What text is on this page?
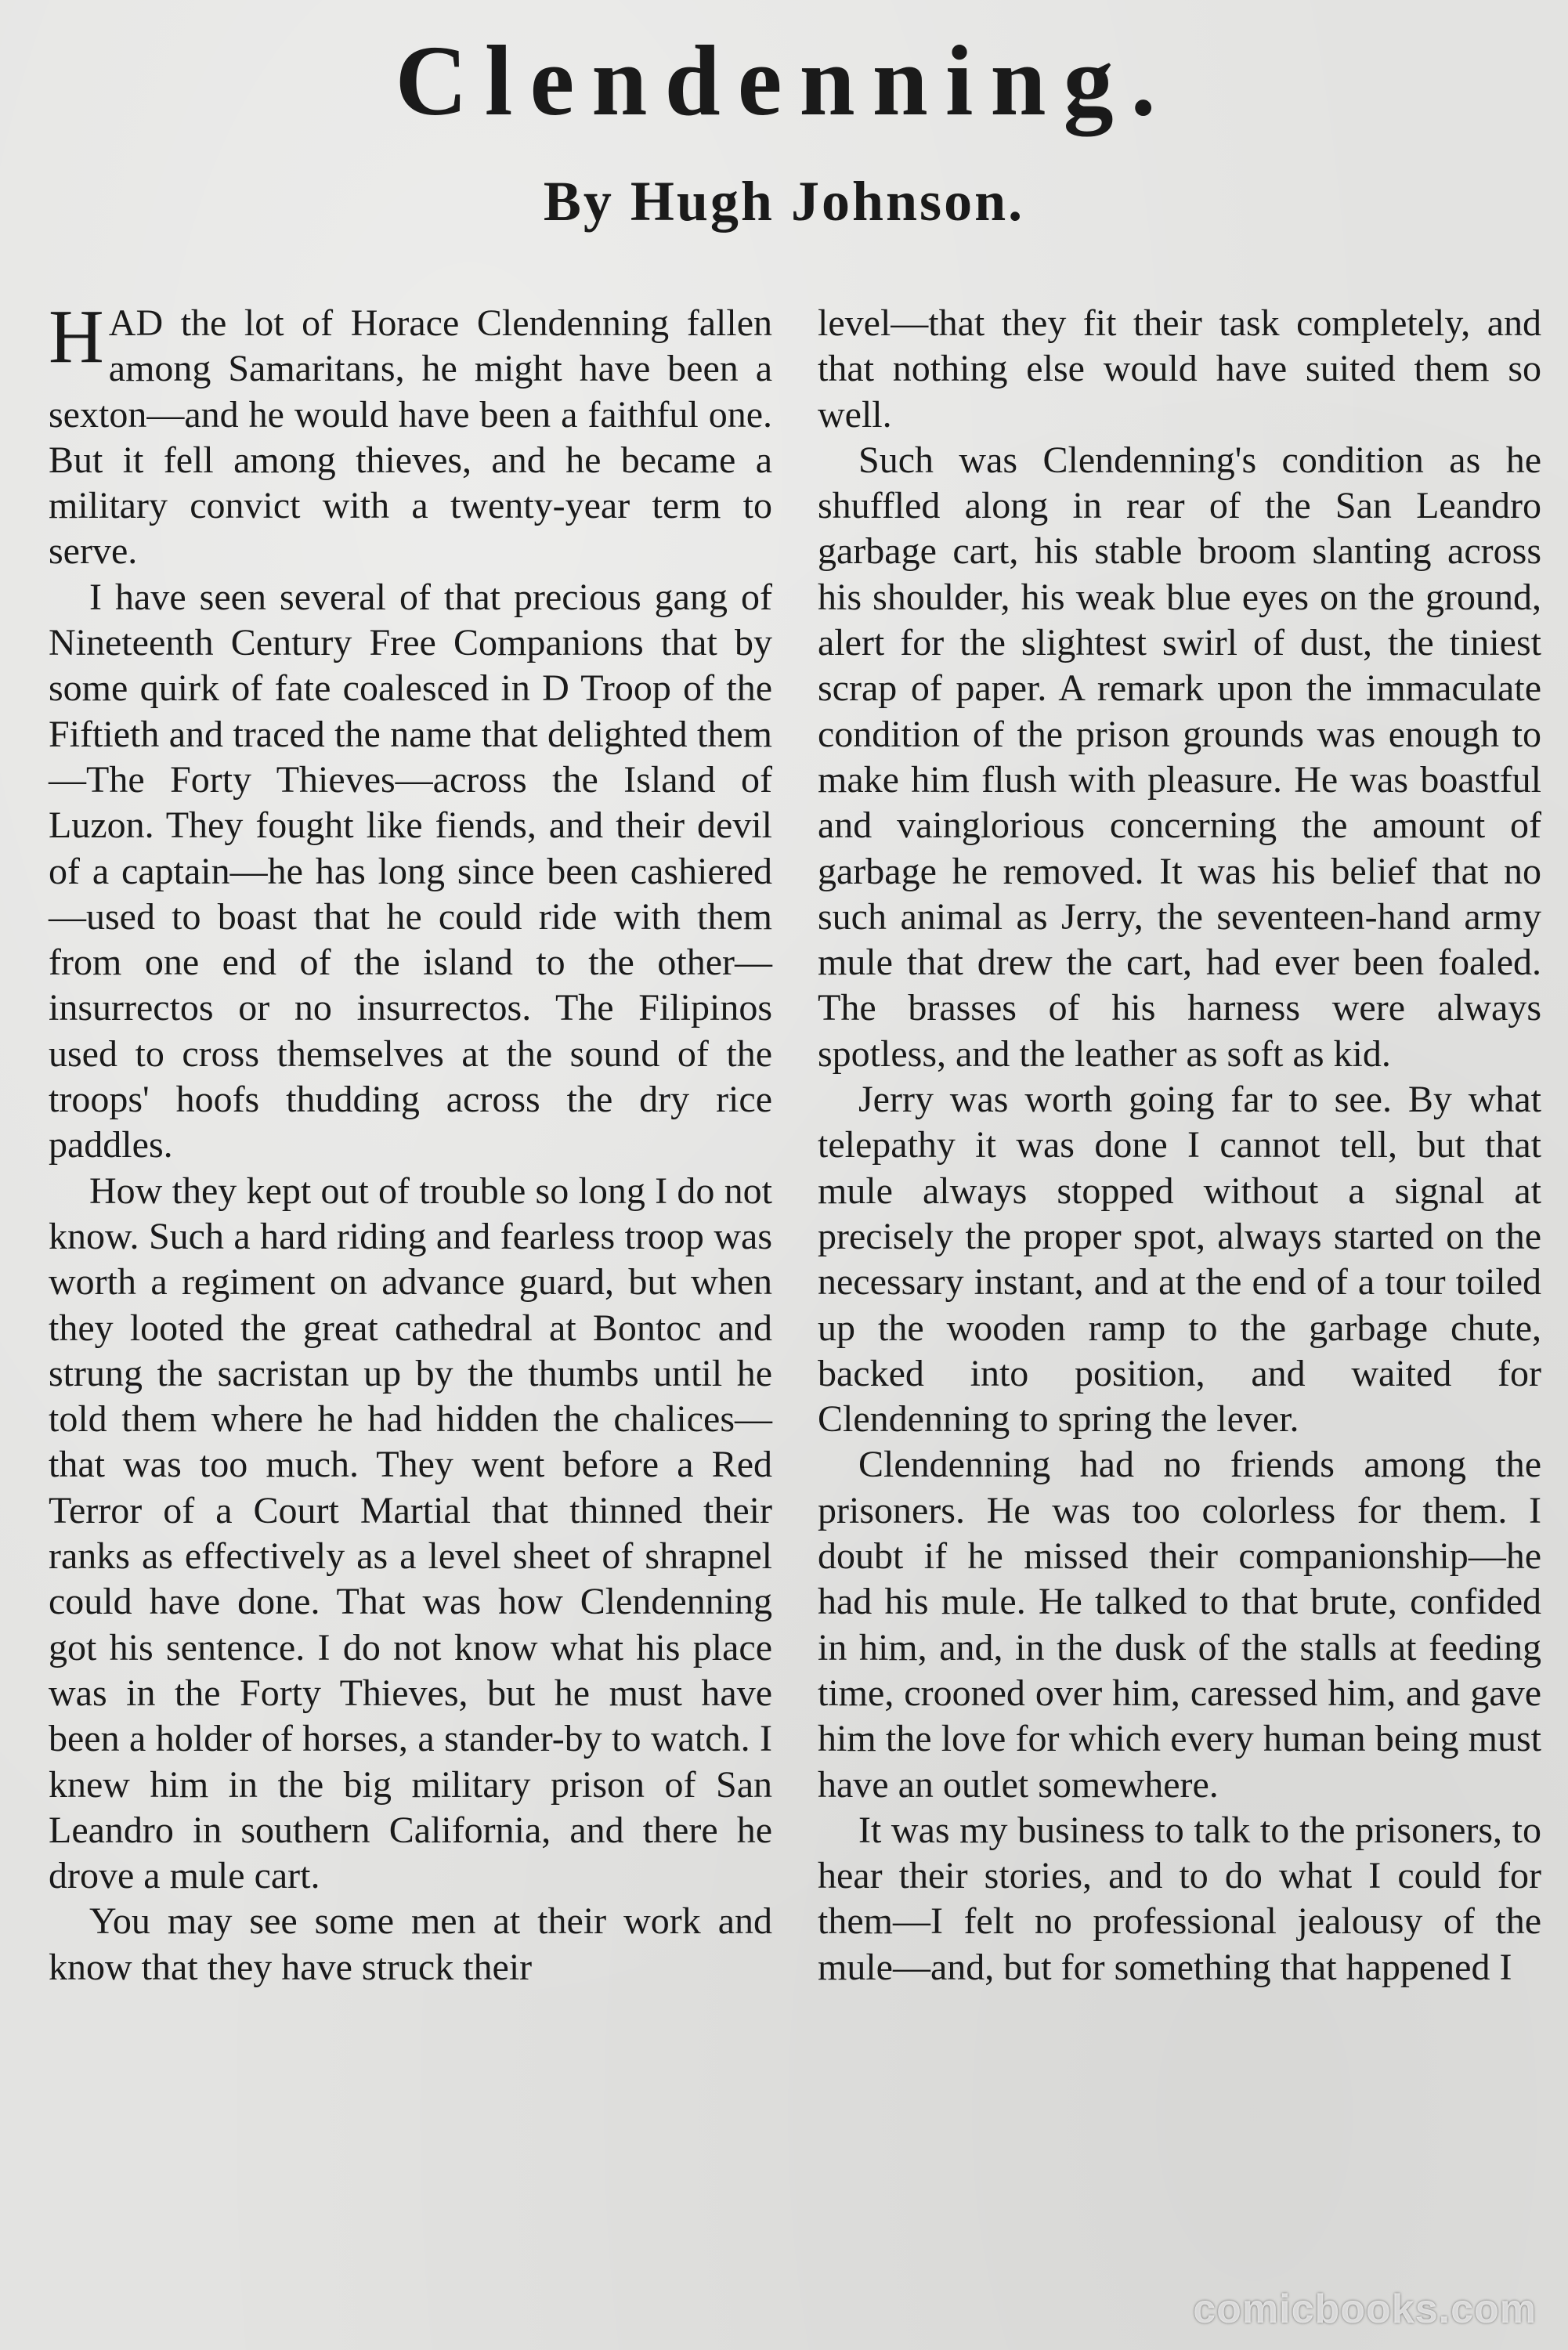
Clendenning.
By Hugh Johnson.

HAD the lot of Horace Clendenning fallen among Samaritans, he might have been a sexton—and he would have been a faithful one. But it fell among thieves, and he became a military convict with a twenty-year term to serve.

I have seen several of that precious gang of Nineteenth Century Free Companions that by some quirk of fate coalesced in D Troop of the Fiftieth and traced the name that delighted them—The Forty Thieves—across the Island of Luzon. They fought like fiends, and their devil of a captain—he has long since been cashiered—used to boast that he could ride with them from one end of the island to the other—insurrectos or no insurrectos. The Filipinos used to cross themselves at the sound of the troops' hoofs thudding across the dry rice paddles.

How they kept out of trouble so long I do not know. Such a hard riding and fearless troop was worth a regiment on advance guard, but when they looted the great cathedral at Bontoc and strung the sacristan up by the thumbs until he told them where he had hidden the chalices—that was too much. They went before a Red Terror of a Court Martial that thinned their ranks as effectively as a level sheet of shrapnel could have done. That was how Clendenning got his sentence. I do not know what his place was in the Forty Thieves, but he must have been a holder of horses, a stander-by to watch. I knew him in the big military prison of San Leandro in southern California, and there he drove a mule cart.

You may see some men at their work and know that they have struck their

level—that they fit their task completely, and that nothing else would have suited them so well.

Such was Clendenning's condition as he shuffled along in rear of the San Leandro garbage cart, his stable broom slanting across his shoulder, his weak blue eyes on the ground, alert for the slightest swirl of dust, the tiniest scrap of paper. A remark upon the immaculate condition of the prison grounds was enough to make him flush with pleasure. He was boastful and vainglorious concerning the amount of garbage he removed. It was his belief that no such animal as Jerry, the seventeen-hand army mule that drew the cart, had ever been foaled. The brasses of his harness were always spotless, and the leather as soft as kid.

Jerry was worth going far to see. By what telepathy it was done I cannot tell, but that mule always stopped without a signal at precisely the proper spot, always started on the necessary instant, and at the end of a tour toiled up the wooden ramp to the garbage chute, backed into position, and waited for Clendenning to spring the lever.

Clendenning had no friends among the prisoners. He was too colorless for them. I doubt if he missed their companionship—he had his mule. He talked to that brute, confided in him, and, in the dusk of the stalls at feeding time, crooned over him, caressed him, and gave him the love for which every human being must have an outlet somewhere.

It was my business to talk to the prisoners, to hear their stories, and to do what I could for them—I felt no professional jealousy of the mule—and, but for something that happened I

comicbooks.com
